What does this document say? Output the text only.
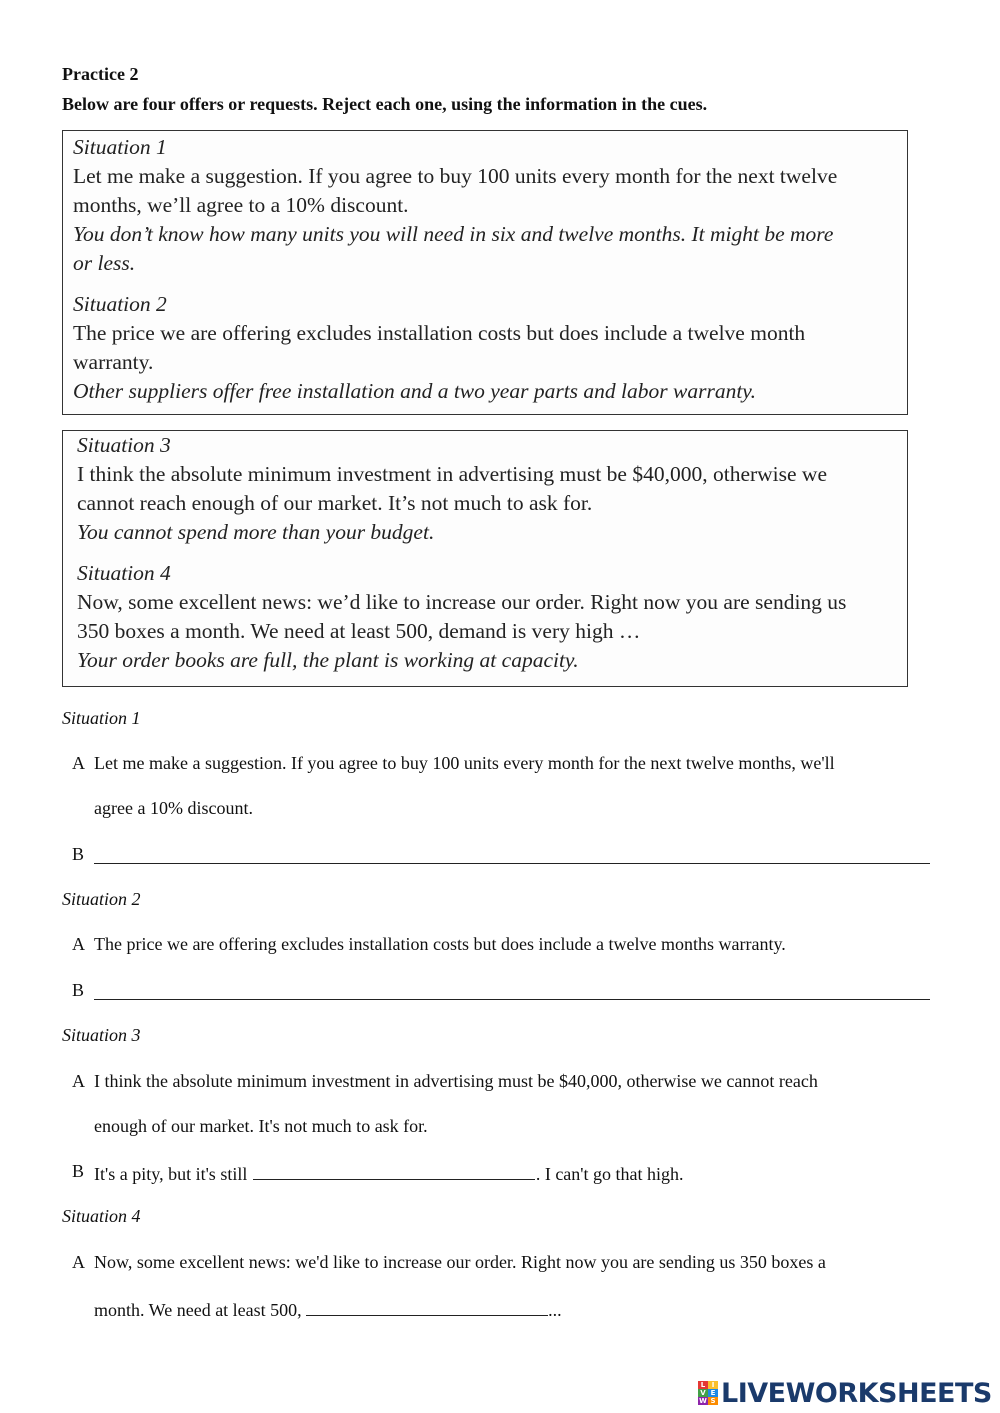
Practice 2
Below are four offers or requests. Reject each one, using the information in the cues.
Situation 1
Let me make a suggestion. If you agree to buy 100 units every month for the next twelve
months, we’ll agree to a 10% discount.
You don’t know how many units you will need in six and twelve months. It might be more
or less.
Situation 2
The price we are offering excludes installation costs but does include a twelve month
warranty.
Other suppliers offer free installation and a two year parts and labor warranty.
Situation 3
I think the absolute minimum investment in advertising must be $40,000, otherwise we
cannot reach enough of our market. It’s not much to ask for.
You cannot spend more than your budget.
Situation 4
Now, some excellent news: we’d like to increase our order. Right now you are sending us
350 boxes a month. We need at least 500, demand is very high …
Your order books are full, the plant is working at capacity.
Situation 1
A Let me make a suggestion. If you agree to buy 100 units every month for the next twelve months, we'll
agree a 10% discount.
B
Situation 2
A The price we are offering excludes installation costs but does include a twelve months warranty.
B
Situation 3
A I think the absolute minimum investment in advertising must be $40,000, otherwise we cannot reach
enough of our market. It's not much to ask for.
B It's a pity, but it's still	. I can't go that high.
Situation 4
A Now, some excellent news: we'd like to increase our order. Right now you are sending us 350 boxes a
month. We need at least 500,	...
L I
V E
W S LIVEWORKSHEETS
